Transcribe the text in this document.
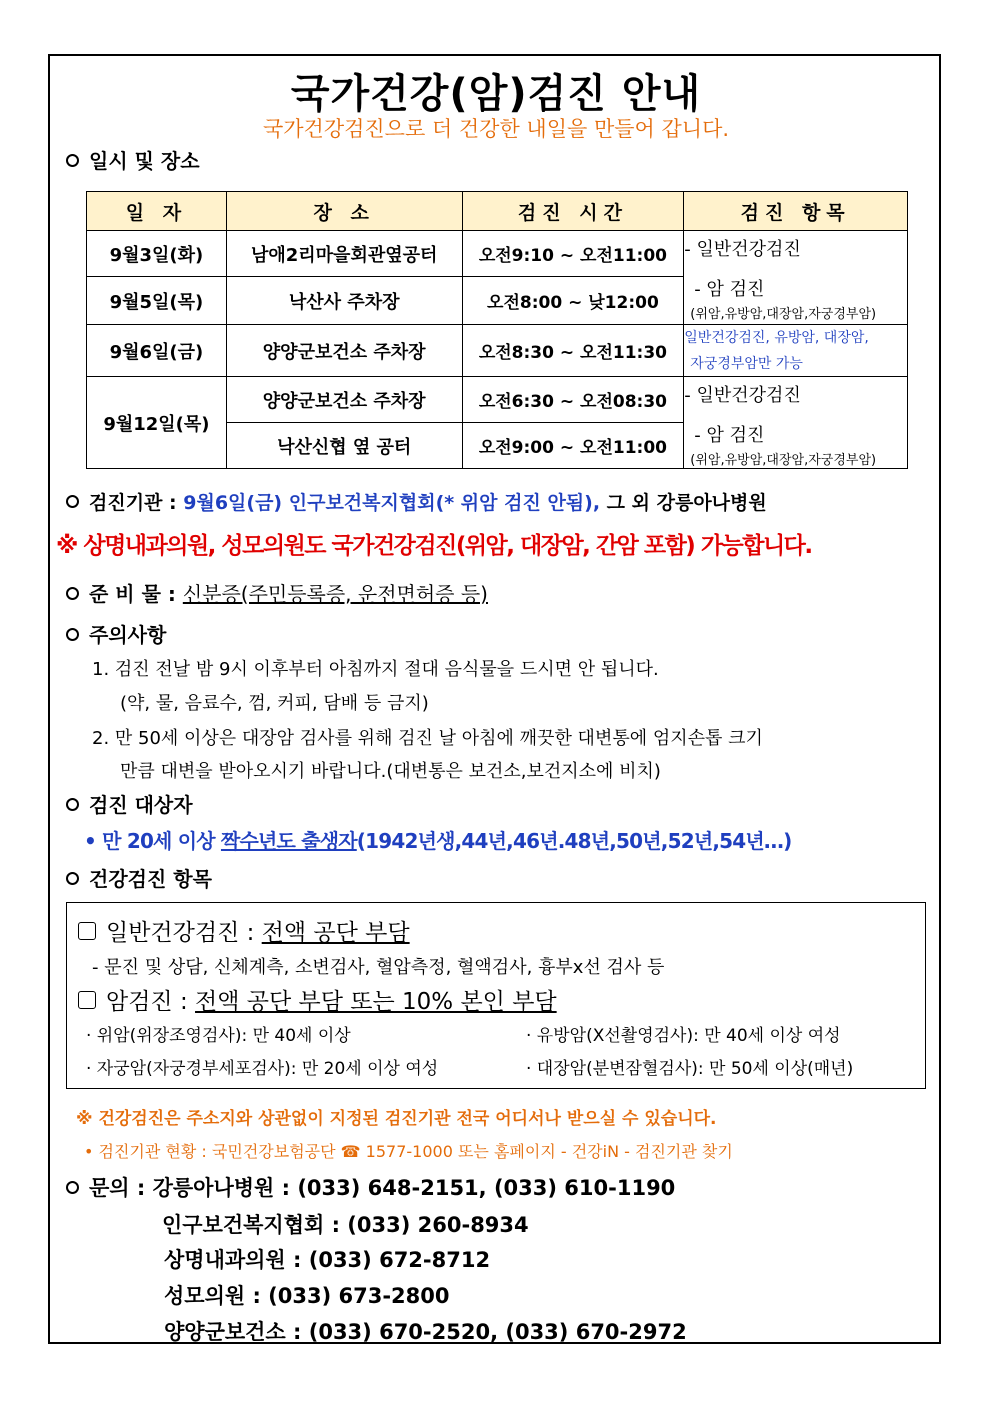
국가건강(암)검진 안내
국가건강검진으로 더 건강한 내일을 만들어 갑니다.
일시 및 장소
일 자	장 소	검진 시간	검진 항목
9월3일(화)	남애2리마을회관옆공터	오전9:10 ~ 오전11:00	- 일반건강검진
- 암 검진
(위암,유방암,대장암,자궁경부암)

9월5일(목)	낙산사 주차장	오전8:00 ~ 낮12:00	
9월6일(금)	양양군보건소 주차장	오전8:30 ~ 오전11:30	일반건강검진, 유방암, 대장암,
자궁경부암만 가능

9월12일(목)	양양군보건소 주차장	오전6:30 ~ 오전08:30	- 일반건강검진
- 암 검진
(위암,유방암,대장암,자궁경부암)

	낙산신협 옆 공터	오전9:00 ~ 오전11:00	
검진기관 : 9월6일(금) 인구보건복지협회(* 위암 검진 안됨), 그 외 강릉아나병원
※ 상명내과의원, 성모의원도 국가건강검진(위암, 대장암, 간암 포함) 가능합니다.
준 비 물 : 신분증(주민등록증, 운전면허증 등)
주의사항
1. 검진 전날 밤 9시 이후부터 아침까지 절대 음식물을 드시면 안 됩니다.
(약, 물, 음료수, 껌, 커피, 담배 등 금지)
2. 만 50세 이상은 대장암 검사를 위해 검진 날 아침에 깨끗한 대변통에 엄지손톱 크기
만큼 대변을 받아오시기 바랍니다.(대변통은 보건소,보건지소에 비치)
검진 대상자
• 만 20세 이상 짝수년도 출생자(1942년생,44년,46년.48년,50년,52년,54년…)
건강검진 항목
일반건강검진 : 전액 공단 부담
- 문진 및 상담, 신체계측, 소변검사, 혈압측정, 혈액검사, 흉부x선 검사 등
암검진 : 전액 공단 부담 또는 10% 본인 부담
· 위암(위장조영검사): 만 40세 이상	· 유방암(X선촬영검사): 만 40세 이상 여성
· 자궁암(자궁경부세포검사): 만 20세 이상 여성	· 대장암(분변잠혈검사): 만 50세 이상(매년)
※ 건강검진은 주소지와 상관없이 지정된 검진기관 전국 어디서나 받으실 수 있습니다.
• 검진기관 현황 : 국민건강보험공단 ☎ 1577-1000 또는 홈페이지 - 건강iN - 검진기관 찾기
문의 : 강릉아나병원 : (033) 648-2151, (033) 610-1190
인구보건복지협회 : (033) 260-8934
상명내과의원 : (033) 672-8712
성모의원 : (033) 673-2800
양양군보건소 : (033) 670-2520, (033) 670-2972
